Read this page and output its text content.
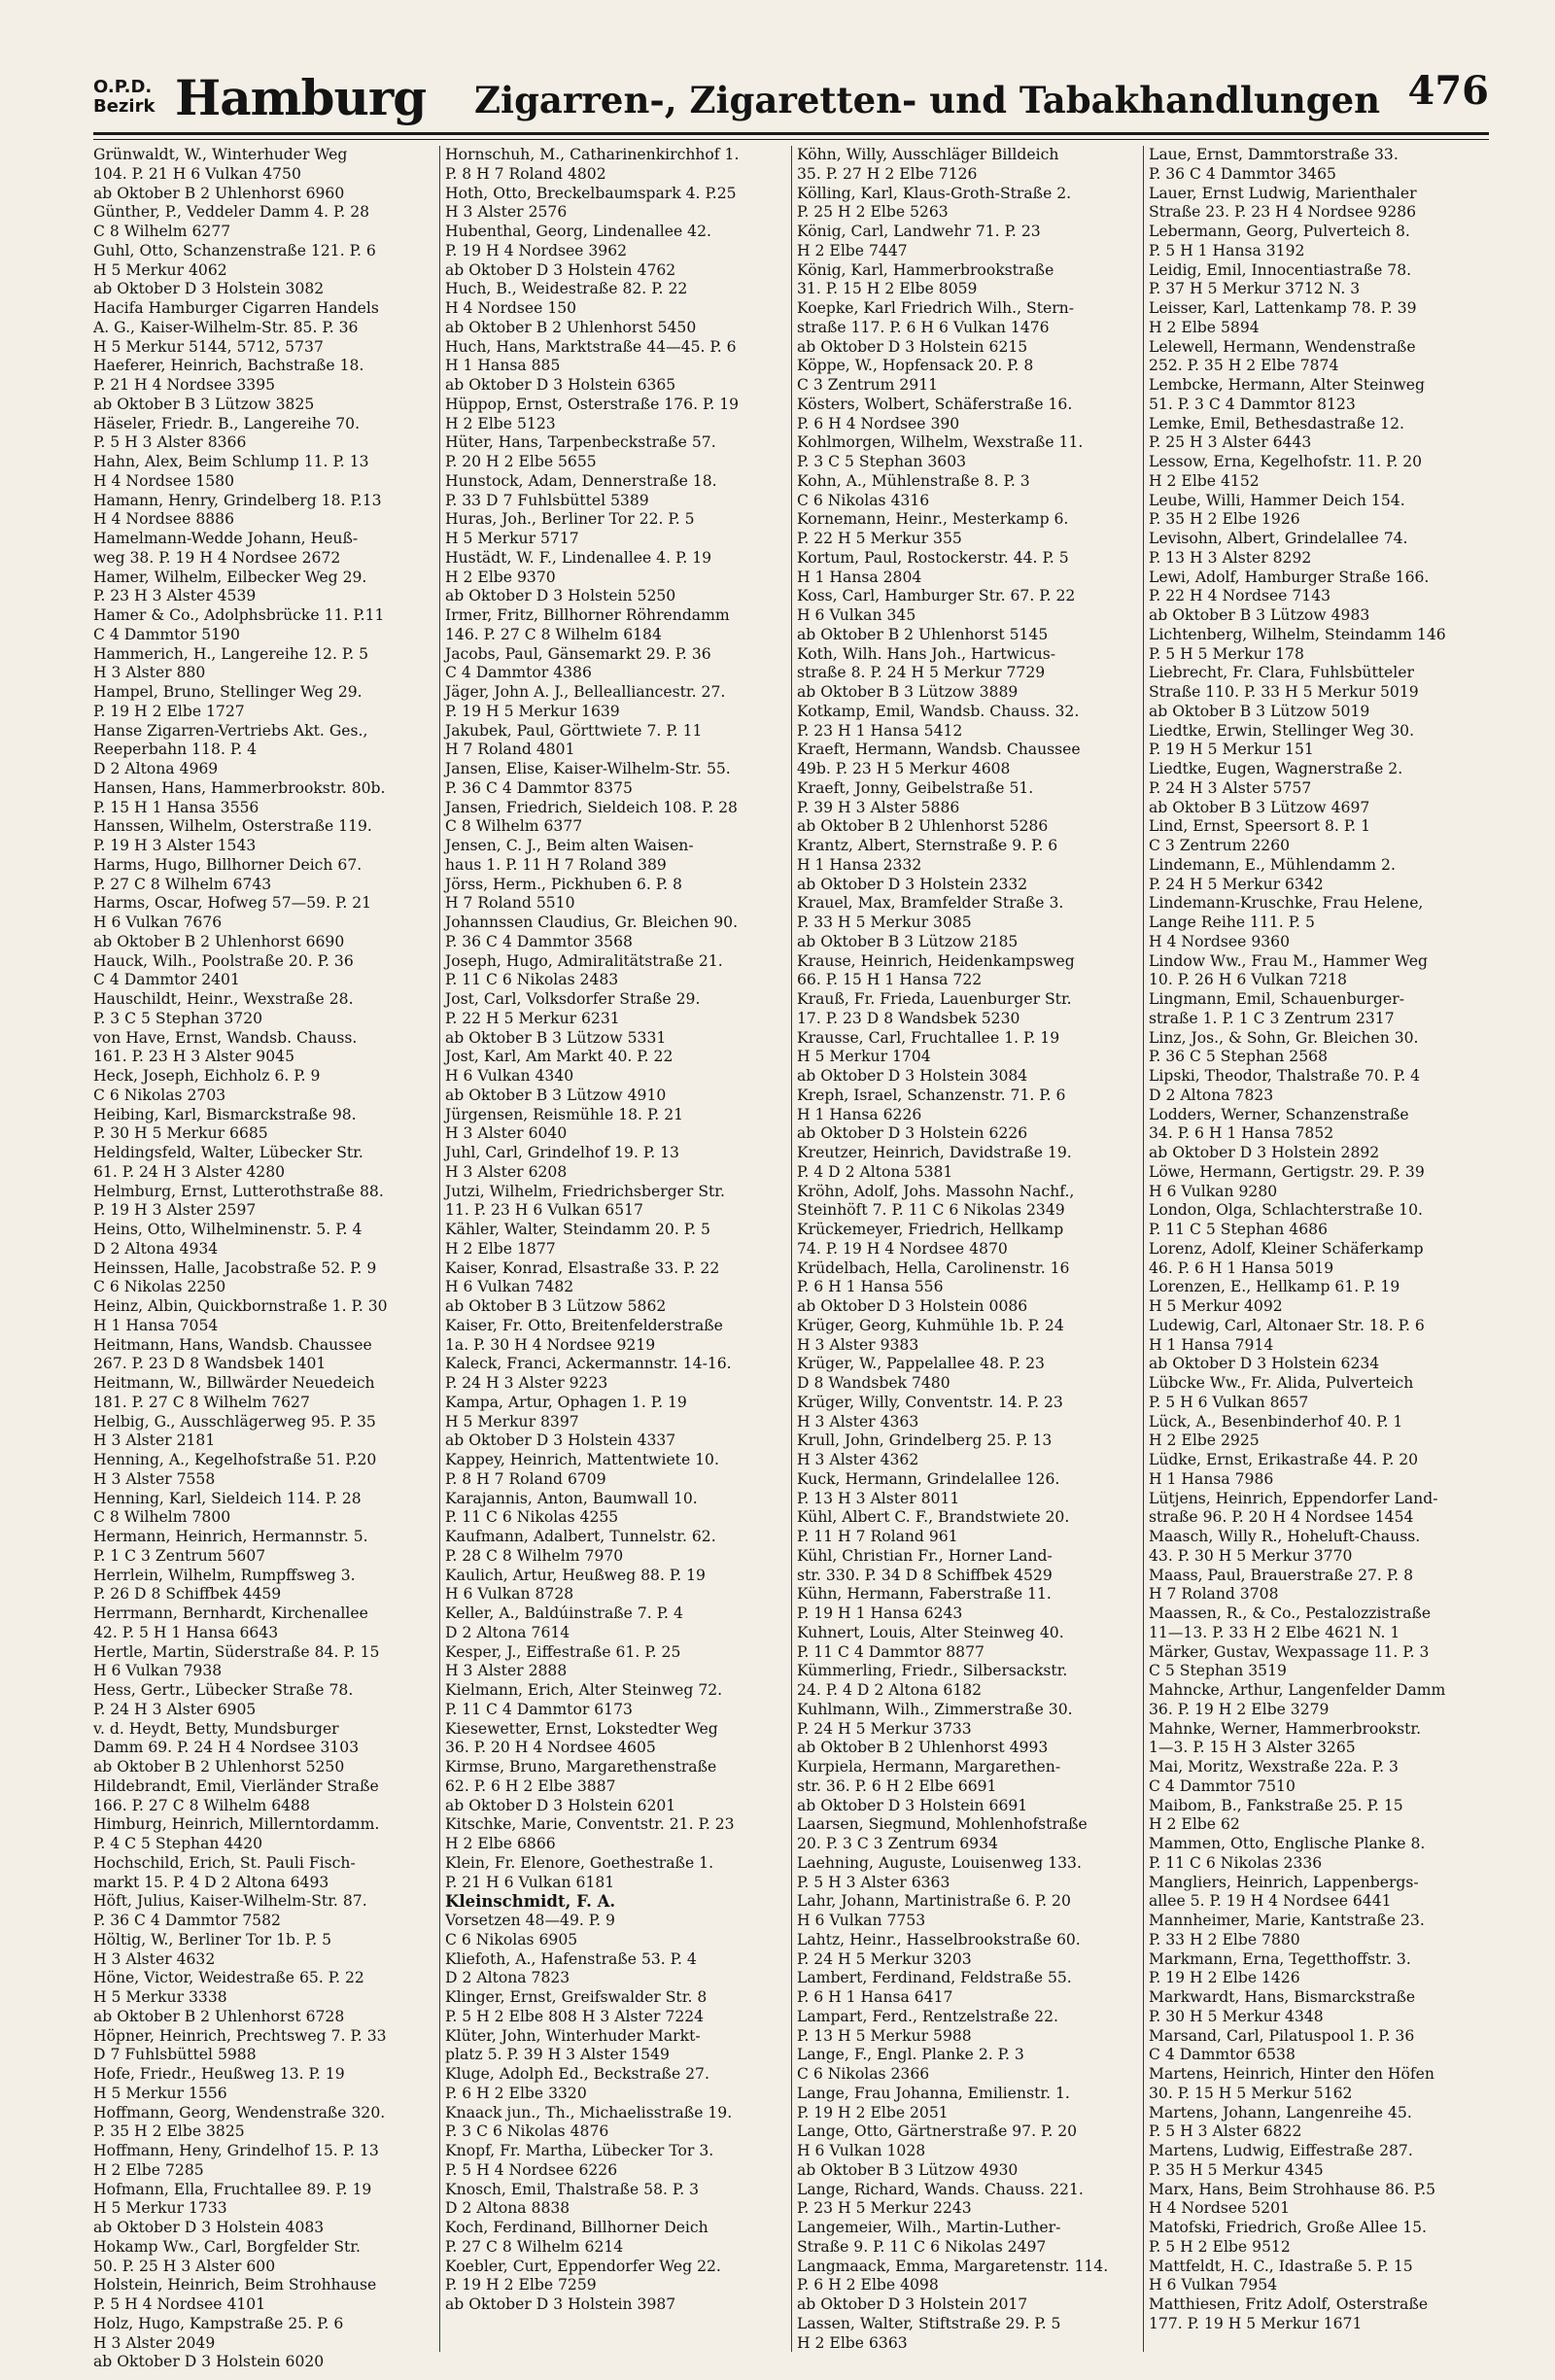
O.P.D.
Bezirk Hamburg Zigarren-, Zigaretten- und Tabakhandlungen 476
Grünwaldt, W., Winterhuder Weg
104. P. 21 H 6 Vulkan 4750
ab Oktober B 2 Uhlenhorst 6960
Günther, P., Veddeler Damm 4. P. 28
C 8 Wilhelm 6277
Guhl, Otto, Schanzenstraße 121. P. 6
H 5 Merkur 4062
ab Oktober D 3 Holstein 3082
Hacifa Hamburger Cigarren Handels
A. G., Kaiser-Wilhelm-Str. 85. P. 36
H 5 Merkur 5144, 5712, 5737
Haeferer, Heinrich, Bachstraße 18.
P. 21 H 4 Nordsee 3395
ab Oktober B 3 Lützow 3825
Häseler, Friedr. B., Langereihe 70.
P. 5 H 3 Alster 8366
Hahn, Alex, Beim Schlump 11. P. 13
H 4 Nordsee 1580
Hamann, Henry, Grindelberg 18. P.13
H 4 Nordsee 8886
Hamelmann-Wedde Johann, Heuß-
weg 38. P. 19 H 4 Nordsee 2672
Hamer, Wilhelm, Eilbecker Weg 29.
P. 23 H 3 Alster 4539
Hamer & Co., Adolphsbrücke 11. P.11
C 4 Dammtor 5190
Hammerich, H., Langereihe 12. P. 5
H 3 Alster 880
Hampel, Bruno, Stellinger Weg 29.
P. 19 H 2 Elbe 1727
Hanse Zigarren-Vertriebs Akt. Ges.,
Reeperbahn 118. P. 4
D 2 Altona 4969
Hansen, Hans, Hammerbrookstr. 80b.
P. 15 H 1 Hansa 3556
Hanssen, Wilhelm, Osterstraße 119.
P. 19 H 3 Alster 1543
Harms, Hugo, Billhorner Deich 67.
P. 27 C 8 Wilhelm 6743
Harms, Oscar, Hofweg 57—59. P. 21
H 6 Vulkan 7676
ab Oktober B 2 Uhlenhorst 6690
Hauck, Wilh., Poolstraße 20. P. 36
C 4 Dammtor 2401
Hauschildt, Heinr., Wexstraße 28.
P. 3 C 5 Stephan 3720
von Have, Ernst, Wandsb. Chauss.
161. P. 23 H 3 Alster 9045
Heck, Joseph, Eichholz 6. P. 9
C 6 Nikolas 2703
Heibing, Karl, Bismarckstraße 98.
P. 30 H 5 Merkur 6685
Heldingsfeld, Walter, Lübecker Str.
61. P. 24 H 3 Alster 4280
Helmburg, Ernst, Lutterothstraße 88.
P. 19 H 3 Alster 2597
Heins, Otto, Wilhelminenstr. 5. P. 4
D 2 Altona 4934
Heinssen, Halle, Jacobstraße 52. P. 9
C 6 Nikolas 2250
Heinz, Albin, Quickbornstraße 1. P. 30
H 1 Hansa 7054
Heitmann, Hans, Wandsb. Chaussee
267. P. 23 D 8 Wandsbek 1401
Heitmann, W., Billwärder Neuedeich
181. P. 27 C 8 Wilhelm 7627
Helbig, G., Ausschlägerweg 95. P. 35
H 3 Alster 2181
Henning, A., Kegelhofstraße 51. P.20
H 3 Alster 7558
Henning, Karl, Sieldeich 114. P. 28
C 8 Wilhelm 7800
Hermann, Heinrich, Hermannstr. 5.
P. 1 C 3 Zentrum 5607
Herrlein, Wilhelm, Rumpffsweg 3.
P. 26 D 8 Schiffbek 4459
Herrmann, Bernhardt, Kirchenallee
42. P. 5 H 1 Hansa 6643
Hertle, Martin, Süderstraße 84. P. 15
H 6 Vulkan 7938
Hess, Gertr., Lübecker Straße 78.
P. 24 H 3 Alster 6905
v. d. Heydt, Betty, Mundsburger
Damm 69. P. 24 H 4 Nordsee 3103
ab Oktober B 2 Uhlenhorst 5250
Hildebrandt, Emil, Vierländer Straße
166. P. 27 C 8 Wilhelm 6488
Himburg, Heinrich, Millerntordamm.
P. 4 C 5 Stephan 4420
Hochschild, Erich, St. Pauli Fisch-
markt 15. P. 4 D 2 Altona 6493
Höft, Julius, Kaiser-Wilhelm-Str. 87.
P. 36 C 4 Dammtor 7582
Höltig, W., Berliner Tor 1b. P. 5
H 3 Alster 4632
Höne, Victor, Weidestraße 65. P. 22
H 5 Merkur 3338
ab Oktober B 2 Uhlenhorst 6728
Höpner, Heinrich, Prechtsweg 7. P. 33
D 7 Fuhlsbüttel 5988
Hofe, Friedr., Heußweg 13. P. 19
H 5 Merkur 1556
Hoffmann, Georg, Wendenstraße 320.
P. 35 H 2 Elbe 3825
Hoffmann, Heny, Grindelhof 15. P. 13
H 2 Elbe 7285
Hofmann, Ella, Fruchtallee 89. P. 19
H 5 Merkur 1733
ab Oktober D 3 Holstein 4083
Hokamp Ww., Carl, Borgfelder Str.
50. P. 25 H 3 Alster 600
Holstein, Heinrich, Beim Strohhause
P. 5 H 4 Nordsee 4101
Holz, Hugo, Kampstraße 25. P. 6
H 3 Alster 2049
ab Oktober D 3 Holstein 6020
Hornschuh, M., Catharinenkirchhof 1.
P. 8 H 7 Roland 4802
Hoth, Otto, Breckelbaumspark 4. P.25
H 3 Alster 2576
Hubenthal, Georg, Lindenallee 42.
P. 19 H 4 Nordsee 3962
ab Oktober D 3 Holstein 4762
Huch, B., Weidestraße 82. P. 22
H 4 Nordsee 150
ab Oktober B 2 Uhlenhorst 5450
Huch, Hans, Marktstraße 44—45. P. 6
H 1 Hansa 885
ab Oktober D 3 Holstein 6365
Hüppop, Ernst, Osterstraße 176. P. 19
H 2 Elbe 5123
Hüter, Hans, Tarpenbeckstraße 57.
P. 20 H 2 Elbe 5655
Hunstock, Adam, Dennerstraße 18.
P. 33 D 7 Fuhlsbüttel 5389
Huras, Joh., Berliner Tor 22. P. 5
H 5 Merkur 5717
Hustädt, W. F., Lindenallee 4. P. 19
H 2 Elbe 9370
ab Oktober D 3 Holstein 5250
Irmer, Fritz, Billhorner Röhrendamm
146. P. 27 C 8 Wilhelm 6184
Jacobs, Paul, Gänsemarkt 29. P. 36
C 4 Dammtor 4386
Jäger, John A. J., Bellealliancestr. 27.
P. 19 H 5 Merkur 1639
Jakubek, Paul, Görttwiete 7. P. 11
H 7 Roland 4801
Jansen, Elise, Kaiser-Wilhelm-Str. 55.
P. 36 C 4 Dammtor 8375
Jansen, Friedrich, Sieldeich 108. P. 28
C 8 Wilhelm 6377
Jensen, C. J., Beim alten Waisen-
haus 1. P. 11 H 7 Roland 389
Jörss, Herm., Pickhuben 6. P. 8
H 7 Roland 5510
Johannssen Claudius, Gr. Bleichen 90.
P. 36 C 4 Dammtor 3568
Joseph, Hugo, Admiralitätstraße 21.
P. 11 C 6 Nikolas 2483
Jost, Carl, Volksdorfer Straße 29.
P. 22 H 5 Merkur 6231
ab Oktober B 3 Lützow 5331
Jost, Karl, Am Markt 40. P. 22
H 6 Vulkan 4340
ab Oktober B 3 Lützow 4910
Jürgensen, Reismühle 18. P. 21
H 3 Alster 6040
Juhl, Carl, Grindelhof 19. P. 13
H 3 Alster 6208
Jutzi, Wilhelm, Friedrichsberger Str.
11. P. 23 H 6 Vulkan 6517
Kähler, Walter, Steindamm 20. P. 5
H 2 Elbe 1877
Kaiser, Konrad, Elsastraße 33. P. 22
H 6 Vulkan 7482
ab Oktober B 3 Lützow 5862
Kaiser, Fr. Otto, Breitenfelderstraße
1a. P. 30 H 4 Nordsee 9219
Kaleck, Franci, Ackermannstr. 14-16.
P. 24 H 3 Alster 9223
Kampa, Artur, Ophagen 1. P. 19
H 5 Merkur 8397
ab Oktober D 3 Holstein 4337
Kappey, Heinrich, Mattentwiete 10.
P. 8 H 7 Roland 6709
Karajannis, Anton, Baumwall 10.
P. 11 C 6 Nikolas 4255
Kaufmann, Adalbert, Tunnelstr. 62.
P. 28 C 8 Wilhelm 7970
Kaulich, Artur, Heußweg 88. P. 19
H 6 Vulkan 8728
Keller, A., Baldúinstraße 7. P. 4
D 2 Altona 7614
Kesper, J., Eiffestraße 61. P. 25
H 3 Alster 2888
Kielmann, Erich, Alter Steinweg 72.
P. 11 C 4 Dammtor 6173
Kiesewetter, Ernst, Lokstedter Weg
36. P. 20 H 4 Nordsee 4605
Kirmse, Bruno, Margarethenstraße
62. P. 6 H 2 Elbe 3887
ab Oktober D 3 Holstein 6201
Kitschke, Marie, Conventstr. 21. P. 23
H 2 Elbe 6866
Klein, Fr. Elenore, Goethestraße 1.
P. 21 H 6 Vulkan 6181
Kleinschmidt, F. A.
Vorsetzen 48—49. P. 9
C 6 Nikolas 6905
Kliefoth, A., Hafenstraße 53. P. 4
D 2 Altona 7823
Klinger, Ernst, Greifswalder Str. 8
P. 5 H 2 Elbe 808 H 3 Alster 7224
Klüter, John, Winterhuder Markt-
platz 5. P. 39 H 3 Alster 1549
Kluge, Adolph Ed., Beckstraße 27.
P. 6 H 2 Elbe 3320
Knaack jun., Th., Michaelisstraße 19.
P. 3 C 6 Nikolas 4876
Knopf, Fr. Martha, Lübecker Tor 3.
P. 5 H 4 Nordsee 6226
Knosch, Emil, Thalstraße 58. P. 3
D 2 Altona 8838
Koch, Ferdinand, Billhorner Deich
P. 27 C 8 Wilhelm 6214
Koebler, Curt, Eppendorfer Weg 22.
P. 19 H 2 Elbe 7259
ab Oktober D 3 Holstein 3987
Köhn, Willy, Ausschläger Billdeich
35. P. 27 H 2 Elbe 7126
Kölling, Karl, Klaus-Groth-Straße 2.
P. 25 H 2 Elbe 5263
König, Carl, Landwehr 71. P. 23
H 2 Elbe 7447
König, Karl, Hammerbrookstraße
31. P. 15 H 2 Elbe 8059
Koepke, Karl Friedrich Wilh., Stern-
straße 117. P. 6 H 6 Vulkan 1476
ab Oktober D 3 Holstein 6215
Köppe, W., Hopfensack 20. P. 8
C 3 Zentrum 2911
Kösters, Wolbert, Schäferstraße 16.
P. 6 H 4 Nordsee 390
Kohlmorgen, Wilhelm, Wexstraße 11.
P. 3 C 5 Stephan 3603
Kohn, A., Mühlenstraße 8. P. 3
C 6 Nikolas 4316
Kornemann, Heinr., Mesterkamp 6.
P. 22 H 5 Merkur 355
Kortum, Paul, Rostockerstr. 44. P. 5
H 1 Hansa 2804
Koss, Carl, Hamburger Str. 67. P. 22
H 6 Vulkan 345
ab Oktober B 2 Uhlenhorst 5145
Koth, Wilh. Hans Joh., Hartwicus-
straße 8. P. 24 H 5 Merkur 7729
ab Oktober B 3 Lützow 3889
Kotkamp, Emil, Wandsb. Chauss. 32.
P. 23 H 1 Hansa 5412
Kraeft, Hermann, Wandsb. Chaussee
49b. P. 23 H 5 Merkur 4608
Kraeft, Jonny, Geibelstraße 51.
P. 39 H 3 Alster 5886
ab Oktober B 2 Uhlenhorst 5286
Krantz, Albert, Sternstraße 9. P. 6
H 1 Hansa 2332
ab Oktober D 3 Holstein 2332
Krauel, Max, Bramfelder Straße 3.
P. 33 H 5 Merkur 3085
ab Oktober B 3 Lützow 2185
Krause, Heinrich, Heidenkampsweg
66. P. 15 H 1 Hansa 722
Krauß, Fr. Frieda, Lauenburger Str.
17. P. 23 D 8 Wandsbek 5230
Krausse, Carl, Fruchtallee 1. P. 19
H 5 Merkur 1704
ab Oktober D 3 Holstein 3084
Kreph, Israel, Schanzenstr. 71. P. 6
H 1 Hansa 6226
ab Oktober D 3 Holstein 6226
Kreutzer, Heinrich, Davidstraße 19.
P. 4 D 2 Altona 5381
Kröhn, Adolf, Johs. Massohn Nachf.,
Steinhöft 7. P. 11 C 6 Nikolas 2349
Krückemeyer, Friedrich, Hellkamp
74. P. 19 H 4 Nordsee 4870
Krüdelbach, Hella, Carolinenstr. 16
P. 6 H 1 Hansa 556
ab Oktober D 3 Holstein 0086
Krüger, Georg, Kuhmühle 1b. P. 24
H 3 Alster 9383
Krüger, W., Pappelallee 48. P. 23
D 8 Wandsbek 7480
Krüger, Willy, Conventstr. 14. P. 23
H 3 Alster 4363
Krull, John, Grindelberg 25. P. 13
H 3 Alster 4362
Kuck, Hermann, Grindelallee 126.
P. 13 H 3 Alster 8011
Kühl, Albert C. F., Brandstwiete 20.
P. 11 H 7 Roland 961
Kühl, Christian Fr., Horner Land-
str. 330. P. 34 D 8 Schiffbek 4529
Kühn, Hermann, Faberstraße 11.
P. 19 H 1 Hansa 6243
Kuhnert, Louis, Alter Steinweg 40.
P. 11 C 4 Dammtor 8877
Kümmerling, Friedr., Silbersackstr.
24. P. 4 D 2 Altona 6182
Kuhlmann, Wilh., Zimmerstraße 30.
P. 24 H 5 Merkur 3733
ab Oktober B 2 Uhlenhorst 4993
Kurpiela, Hermann, Margarethen-
str. 36. P. 6 H 2 Elbe 6691
ab Oktober D 3 Holstein 6691
Laarsen, Siegmund, Mohlenhofstraße
20. P. 3 C 3 Zentrum 6934
Laehning, Auguste, Louisenweg 133.
P. 5 H 3 Alster 6363
Lahr, Johann, Martinistraße 6. P. 20
H 6 Vulkan 7753
Lahtz, Heinr., Hasselbrookstraße 60.
P. 24 H 5 Merkur 3203
Lambert, Ferdinand, Feldstraße 55.
P. 6 H 1 Hansa 6417
Lampart, Ferd., Rentzelstraße 22.
P. 13 H 5 Merkur 5988
Lange, F., Engl. Planke 2. P. 3
C 6 Nikolas 2366
Lange, Frau Johanna, Emilienstr. 1.
P. 19 H 2 Elbe 2051
Lange, Otto, Gärtnerstraße 97. P. 20
H 6 Vulkan 1028
ab Oktober B 3 Lützow 4930
Lange, Richard, Wands. Chauss. 221.
P. 23 H 5 Merkur 2243
Langemeier, Wilh., Martin-Luther-
Straße 9. P. 11 C 6 Nikolas 2497
Langmaack, Emma, Margaretenstr. 114.
P. 6 H 2 Elbe 4098
ab Oktober D 3 Holstein 2017
Lassen, Walter, Stiftstraße 29. P. 5
H 2 Elbe 6363
Laue, Ernst, Dammtorstraße 33.
P. 36 C 4 Dammtor 3465
Lauer, Ernst Ludwig, Marienthaler
Straße 23. P. 23 H 4 Nordsee 9286
Lebermann, Georg, Pulverteich 8.
P. 5 H 1 Hansa 3192
Leidig, Emil, Innocentiastraße 78.
P. 37 H 5 Merkur 3712 N. 3
Leisser, Karl, Lattenkamp 78. P. 39
H 2 Elbe 5894
Lelewell, Hermann, Wendenstraße
252. P. 35 H 2 Elbe 7874
Lembcke, Hermann, Alter Steinweg
51. P. 3 C 4 Dammtor 8123
Lemke, Emil, Bethesdastraße 12.
P. 25 H 3 Alster 6443
Lessow, Erna, Kegelhofstr. 11. P. 20
H 2 Elbe 4152
Leube, Willi, Hammer Deich 154.
P. 35 H 2 Elbe 1926
Levisohn, Albert, Grindelallee 74.
P. 13 H 3 Alster 8292
Lewi, Adolf, Hamburger Straße 166.
P. 22 H 4 Nordsee 7143
ab Oktober B 3 Lützow 4983
Lichtenberg, Wilhelm, Steindamm 146
P. 5 H 5 Merkur 178
Liebrecht, Fr. Clara, Fuhlsbütteler
Straße 110. P. 33 H 5 Merkur 5019
ab Oktober B 3 Lützow 5019
Liedtke, Erwin, Stellinger Weg 30.
P. 19 H 5 Merkur 151
Liedtke, Eugen, Wagnerstraße 2.
P. 24 H 3 Alster 5757
ab Oktober B 3 Lützow 4697
Lind, Ernst, Speersort 8. P. 1
C 3 Zentrum 2260
Lindemann, E., Mühlendamm 2.
P. 24 H 5 Merkur 6342
Lindemann-Kruschke, Frau Helene,
Lange Reihe 111. P. 5
H 4 Nordsee 9360
Lindow Ww., Frau M., Hammer Weg
10. P. 26 H 6 Vulkan 7218
Lingmann, Emil, Schauenburger-
straße 1. P. 1 C 3 Zentrum 2317
Linz, Jos., & Sohn, Gr. Bleichen 30.
P. 36 C 5 Stephan 2568
Lipski, Theodor, Thalstraße 70. P. 4
D 2 Altona 7823
Lodders, Werner, Schanzenstraße
34. P. 6 H 1 Hansa 7852
ab Oktober D 3 Holstein 2892
Löwe, Hermann, Gertigstr. 29. P. 39
H 6 Vulkan 9280
London, Olga, Schlachterstraße 10.
P. 11 C 5 Stephan 4686
Lorenz, Adolf, Kleiner Schäferkamp
46. P. 6 H 1 Hansa 5019
Lorenzen, E., Hellkamp 61. P. 19
H 5 Merkur 4092
Ludewig, Carl, Altonaer Str. 18. P. 6
H 1 Hansa 7914
ab Oktober D 3 Holstein 6234
Lübcke Ww., Fr. Alida, Pulverteich
P. 5 H 6 Vulkan 8657
Lück, A., Besenbinderhof 40. P. 1
H 2 Elbe 2925
Lüdke, Ernst, Erikastraße 44. P. 20
H 1 Hansa 7986
Lütjens, Heinrich, Eppendorfer Land-
straße 96. P. 20 H 4 Nordsee 1454
Maasch, Willy R., Hoheluft-Chauss.
43. P. 30 H 5 Merkur 3770
Maass, Paul, Brauerstraße 27. P. 8
H 7 Roland 3708
Maassen, R., & Co., Pestalozzistraße
11—13. P. 33 H 2 Elbe 4621 N. 1
Märker, Gustav, Wexpassage 11. P. 3
C 5 Stephan 3519
Mahncke, Arthur, Langenfelder Damm
36. P. 19 H 2 Elbe 3279
Mahnke, Werner, Hammerbrookstr.
1—3. P. 15 H 3 Alster 3265
Mai, Moritz, Wexstraße 22a. P. 3
C 4 Dammtor 7510
Maibom, B., Fankstraße 25. P. 15
H 2 Elbe 62
Mammen, Otto, Englische Planke 8.
P. 11 C 6 Nikolas 2336
Mangliers, Heinrich, Lappenbergs-
allee 5. P. 19 H 4 Nordsee 6441
Mannheimer, Marie, Kantstraße 23.
P. 33 H 2 Elbe 7880
Markmann, Erna, Tegetthoffstr. 3.
P. 19 H 2 Elbe 1426
Markwardt, Hans, Bismarckstraße
P. 30 H 5 Merkur 4348
Marsand, Carl, Pilatuspool 1. P. 36
C 4 Dammtor 6538
Martens, Heinrich, Hinter den Höfen
30. P. 15 H 5 Merkur 5162
Martens, Johann, Langenreihe 45.
P. 5 H 3 Alster 6822
Martens, Ludwig, Eiffestraße 287.
P. 35 H 5 Merkur 4345
Marx, Hans, Beim Strohhause 86. P.5
H 4 Nordsee 5201
Matofski, Friedrich, Große Allee 15.
P. 5 H 2 Elbe 9512
Mattfeldt, H. C., Idastraße 5. P. 15
H 6 Vulkan 7954
Matthiesen, Fritz Adolf, Osterstraße
177. P. 19 H 5 Merkur 1671
